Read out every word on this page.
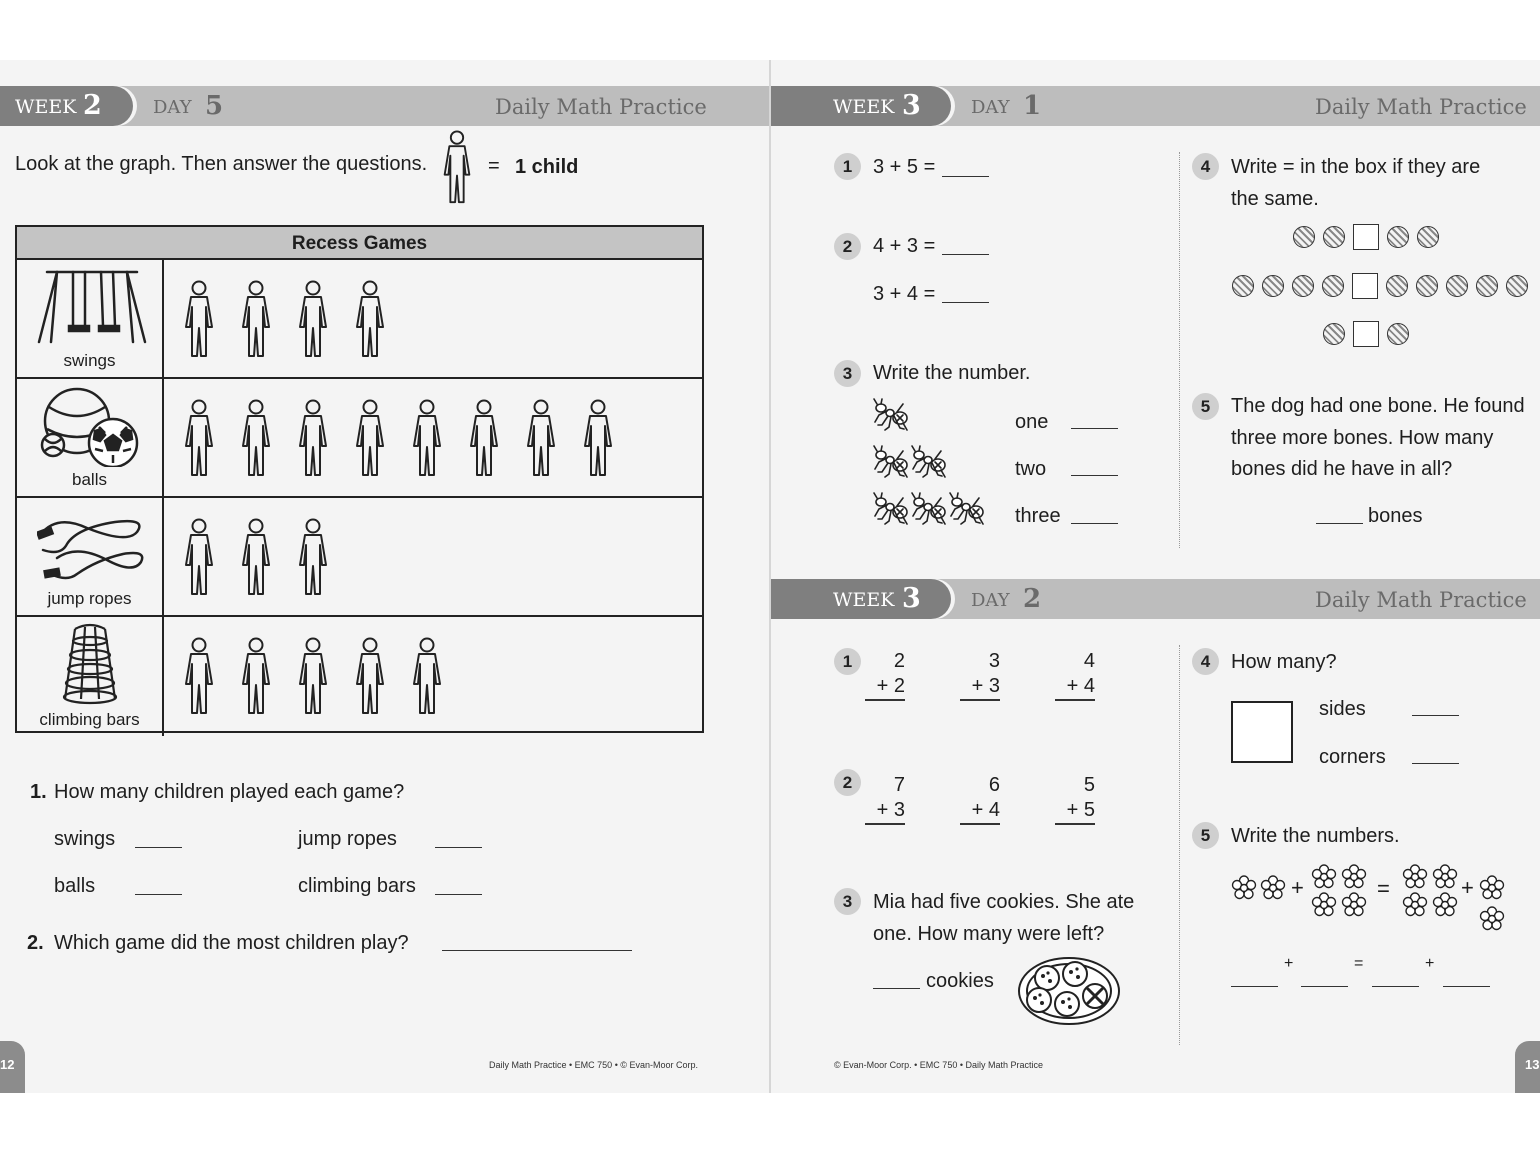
WEEK 2	DAY 5	Daily Math Practice
Look at the graph. Then answer the questions.	= 1 child
Recess Games
swings
balls
jump ropes
climbing bars
1. How many children played each game?
swings	jump ropes
balls	climbing bars
2. Which game did the most children play?
Daily Math Practice • EMC 750 • © Evan-Moor Corp.
12
WEEK 3	DAY 1	Daily Math Practice
1	3 + 5 =
2	4 + 3 =
3 + 4 =
3	Write the number.
one
two
three
4	Write = in the box if they are
the same.
5	The dog had one bone. He found
three more bones. How many
bones did he have in all?
bones
WEEK 3	DAY 2	Daily Math Practice
1	2
+ 2
3
+ 3
4
+ 4
2	7
+ 3
6
+ 4
5
+ 5
3	Mia had five cookies. She ate
one. How many were left?
cookies
4	How many?
sides
corners
5	Write the numbers.
+	=	+
+	=	+
© Evan-Moor Corp. • EMC 750 • Daily Math Practice	13
